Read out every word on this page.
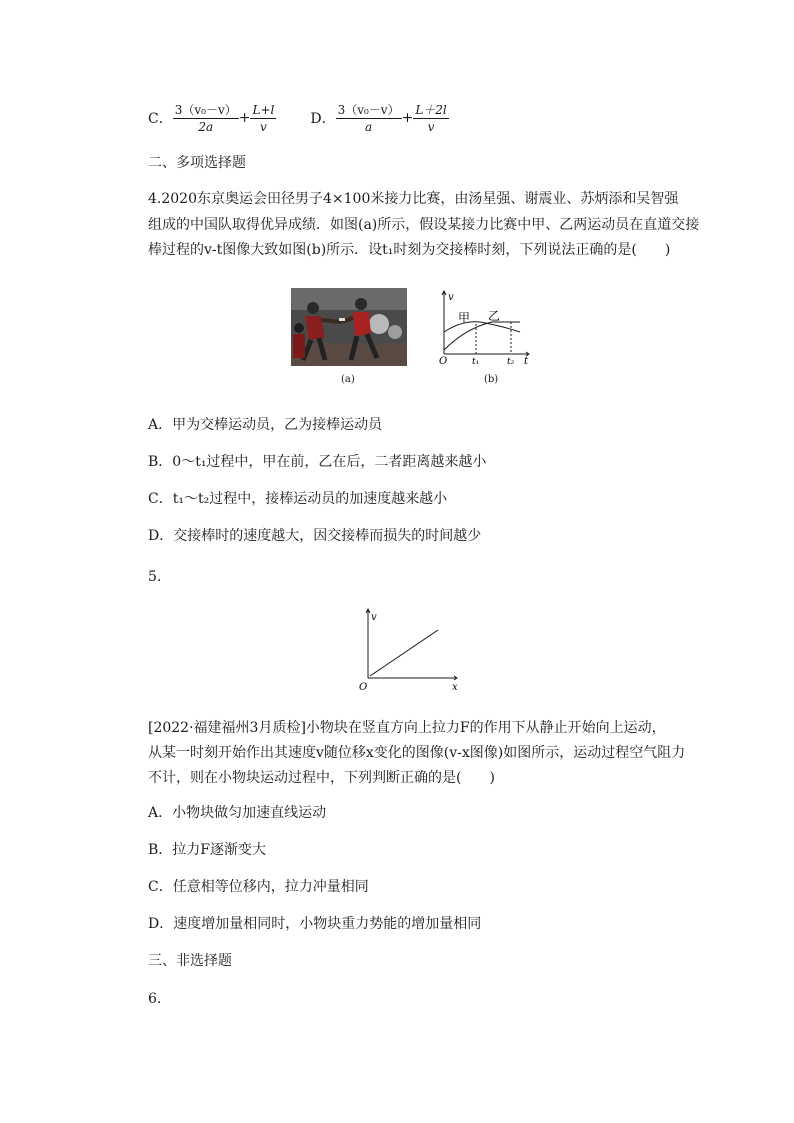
C． $\frac{\text{3（v₀－v）}}{2a} + \frac{L+l}{v}$ D． $\frac{\text{3（v₀－v）}}{a} + \frac{L+2l}{v}$
二、多项选择题
4.2020东京奥运会田径男子4×100米接力比赛，由汤星强、谢震业、苏炳添和吴智强
组成的中国队取得优异成绩．如图(a)所示，假设某接力比赛中甲、乙两运动员在直道交接
棒过程的v-t图像大致如图(b)所示．设t₁时刻为交接棒时刻，下列说法正确的是(　　)
(a)
v
t
O
甲 乙
t₁	t₂
(b)
A．甲为交棒运动员，乙为接棒运动员
B．0～t₁过程中，甲在前，乙在后，二者距离越来越小
C．t₁～t₂过程中，接棒运动员的加速度越来越小
D．交接棒时的速度越大，因交接棒而损失的时间越少
5.
v
x
O
[2022·福建福州3月质检]小物块在竖直方向上拉力F的作用下从静止开始向上运动，
从某一时刻开始作出其速度v随位移x变化的图像(v-x图像)如图所示，运动过程空气阻力
不计，则在小物块运动过程中，下列判断正确的是(　　)
A．小物块做匀加速直线运动
B．拉力F逐渐变大
C．任意相等位移内，拉力冲量相同
D．速度增加量相同时，小物块重力势能的增加量相同
三、非选择题
6.
